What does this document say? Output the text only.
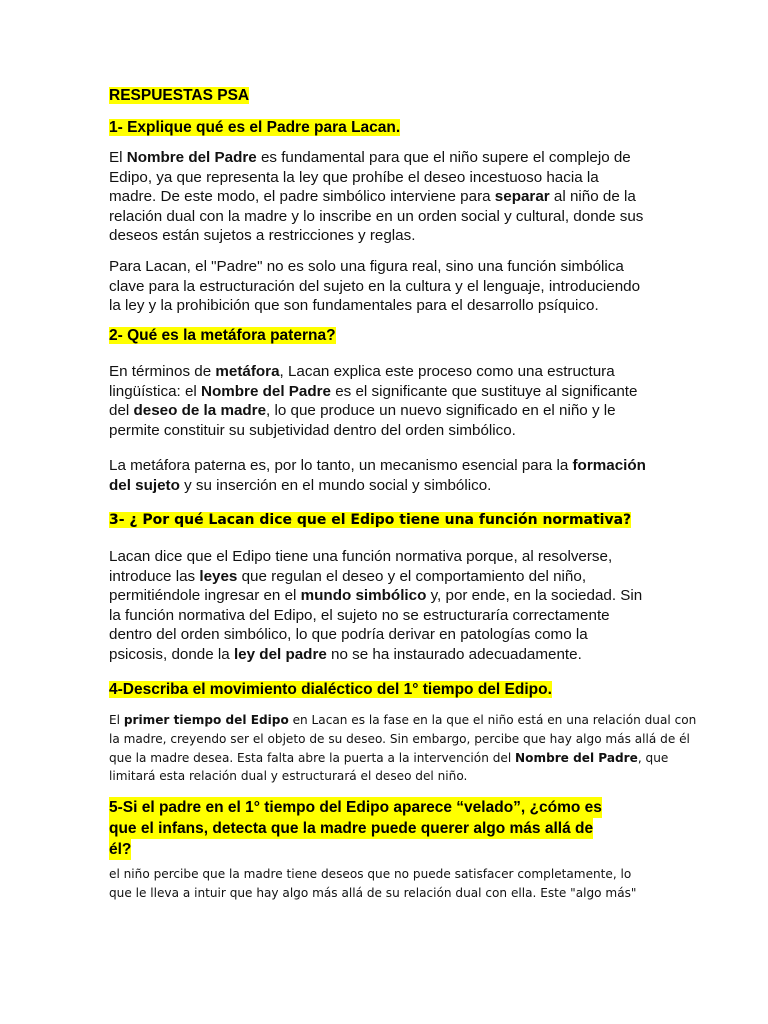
RESPUESTAS PSA
1- Explique qué es el Padre para Lacan.
El Nombre del Padre es fundamental para que el niño supere el complejo de
Edipo, ya que representa la ley que prohíbe el deseo incestuoso hacia la
madre. De este modo, el padre simbólico interviene para separar al niño de la
relación dual con la madre y lo inscribe en un orden social y cultural, donde sus
deseos están sujetos a restricciones y reglas.
Para Lacan, el "Padre" no es solo una figura real, sino una función simbólica
clave para la estructuración del sujeto en la cultura y el lenguaje, introduciendo
la ley y la prohibición que son fundamentales para el desarrollo psíquico.
2- Qué es la metáfora paterna?
En términos de metáfora, Lacan explica este proceso como una estructura
lingüística: el Nombre del Padre es el significante que sustituye al significante
del deseo de la madre, lo que produce un nuevo significado en el niño y le
permite constituir su subjetividad dentro del orden simbólico.
La metáfora paterna es, por lo tanto, un mecanismo esencial para la formación
del sujeto y su inserción en el mundo social y simbólico.
3- ¿ Por qué Lacan dice que el Edipo tiene una función normativa?
Lacan dice que el Edipo tiene una función normativa porque, al resolverse,
introduce las leyes que regulan el deseo y el comportamiento del niño,
permitiéndole ingresar en el mundo simbólico y, por ende, en la sociedad. Sin
la función normativa del Edipo, el sujeto no se estructuraría correctamente
dentro del orden simbólico, lo que podría derivar en patologías como la
psicosis, donde la ley del padre no se ha instaurado adecuadamente.
4-Describa el movimiento dialéctico del 1° tiempo del Edipo.
El primer tiempo del Edipo en Lacan es la fase en la que el niño está en una relación dual con
la madre, creyendo ser el objeto de su deseo. Sin embargo, percibe que hay algo más allá de él
que la madre desea. Esta falta abre la puerta a la intervención del Nombre del Padre, que
limitará esta relación dual y estructurará el deseo del niño.
5-Si el padre en el 1° tiempo del Edipo aparece “velado”, ¿cómo es
que el infans, detecta que la madre puede querer algo más allá de
él?
el niño percibe que la madre tiene deseos que no puede satisfacer completamente, lo
que le lleva a intuir que hay algo más allá de su relación dual con ella. Este "algo más"
